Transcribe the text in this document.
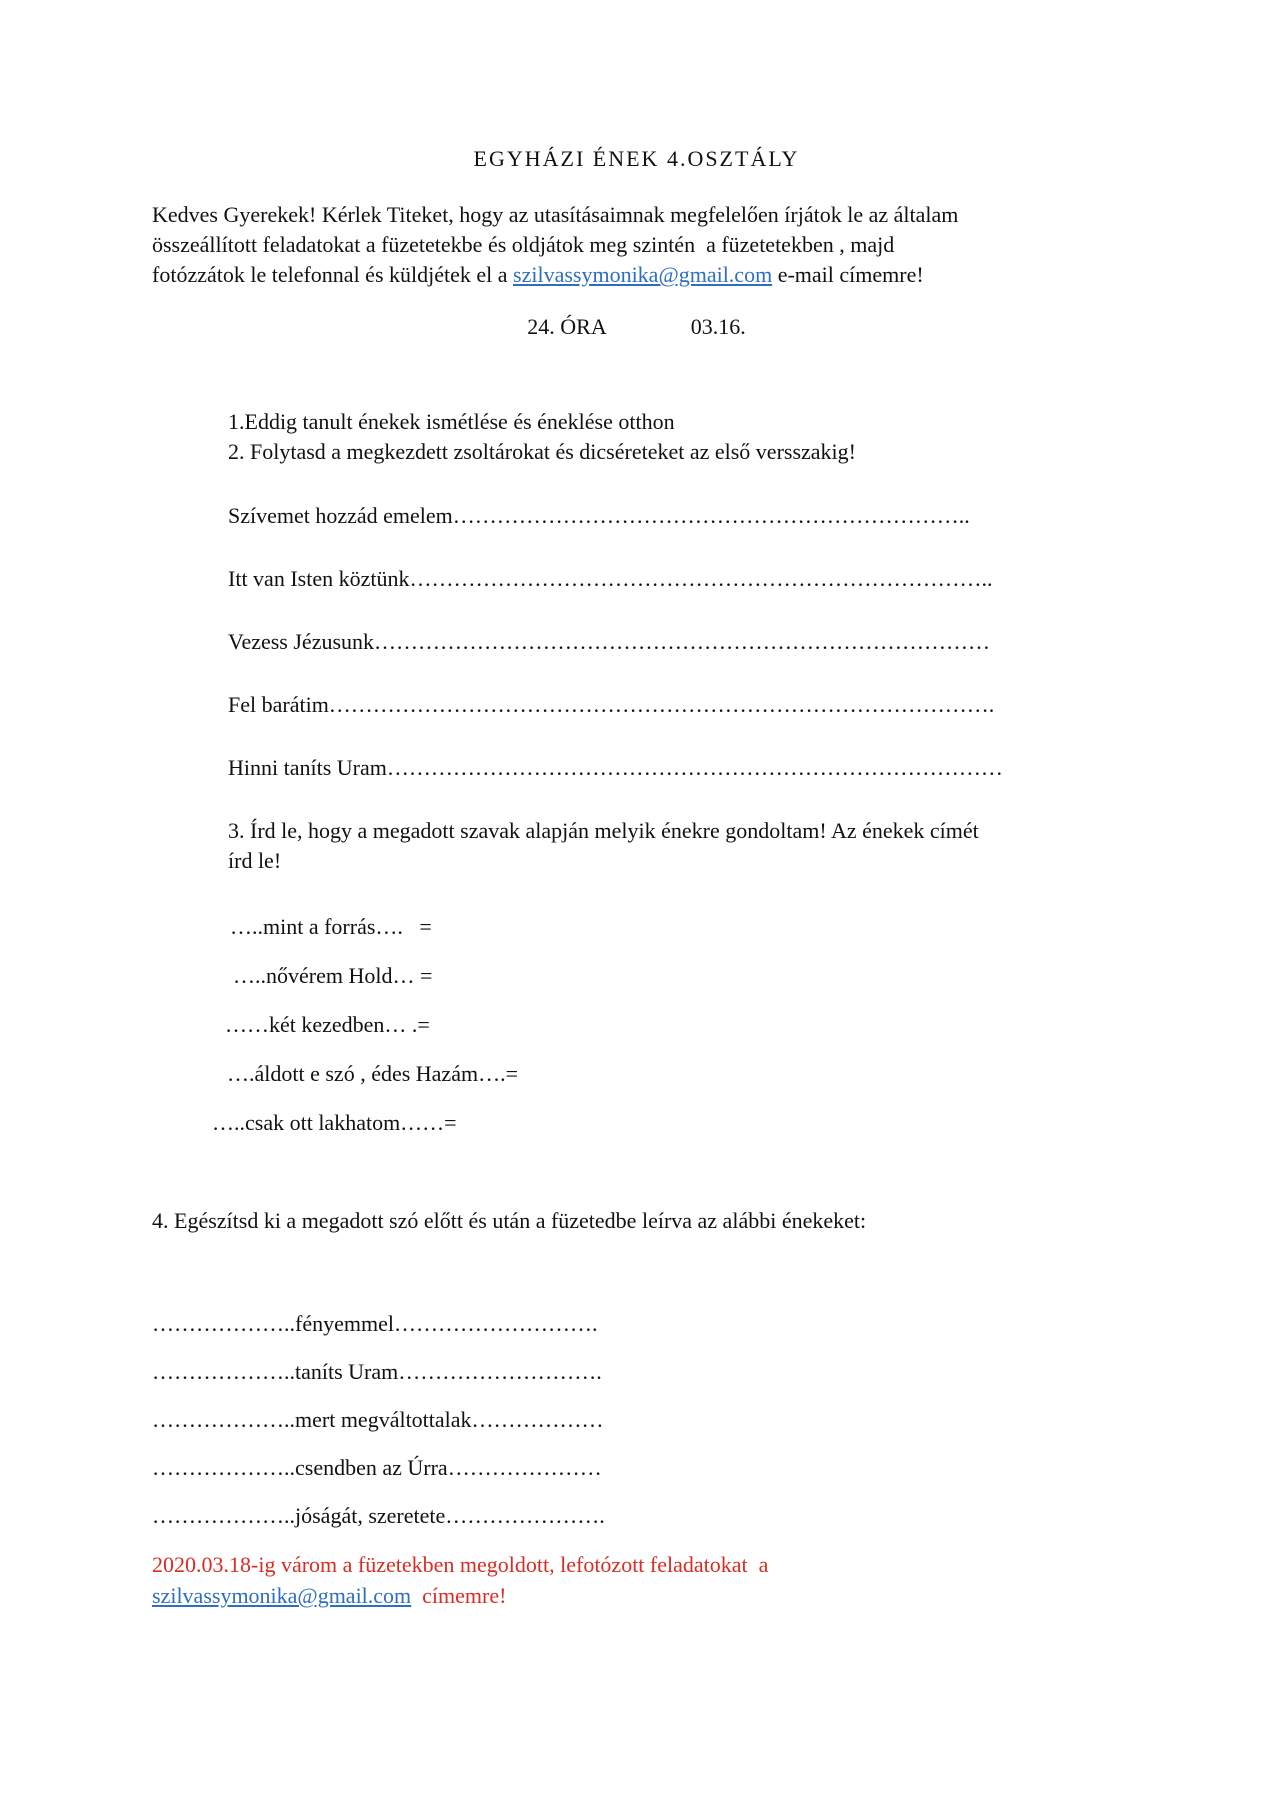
EGYHÁZI ÉNEK 4.OSZTÁLY
Kedves Gyerekek! Kérlek Titeket, hogy az utasításaimnak megfelelően írjátok le az általam
összeállított feladatokat a füzetetekbe és oldjátok meg szintén  a füzetetekben , majd
fotózzátok le telefonnal és küldjétek el a szilvassymonika@gmail.com e-mail címemre!
24. ÓRA	03.16.
1.Eddig tanult énekek ismétlése és éneklése otthon
2. Folytasd a megkezdett zsoltárokat és dicséreteket az első versszakig!
Szívemet hozzád emelem……………………………………………………………..
Itt van Isten köztünk……………………………………………………………………..
Vezess Jézusunk…………………………………………………………………………
Fel barátim……………………………………………………………………………….
Hinni taníts Uram…………………………………………………………………………
3. Írd le, hogy a megadott szavak alapján melyik énekre gondoltam! Az énekek címét
írd le!
…..mint a forrás….   =
…..nővérem Hold… =
……két kezedben… .=
….áldott e szó , édes Hazám….=
…..csak ott lakhatom……=
4. Egészítsd ki a megadott szó előtt és után a füzetedbe leírva az alábbi énekeket:
………………..fényemmel……………………….
………………..taníts Uram……………………….
………………..mert megváltottalak………………
………………..csendben az Úrra…………………
………………..jóságát, szeretete………………….
2020.03.18-ig várom a füzetekben megoldott, lefotózott feladatokat  a
szilvassymonika@gmail.com  címemre!
